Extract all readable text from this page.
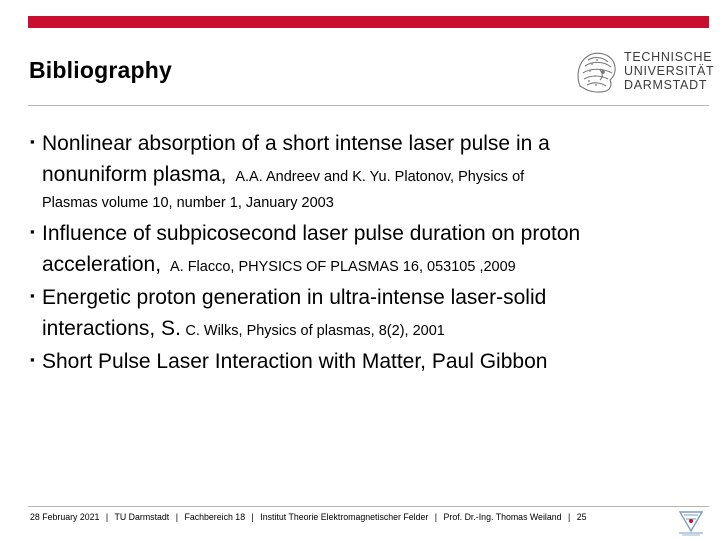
Bibliography	TECHNISCHE
UNIVERSITÄT
DARMSTADT
▪ Nonlinear absorption of a short intense laser pulse in a
nonuniform plasma, A.A. Andreev and K. Yu. Platonov, Physics of
Plasmas volume 10, number 1, January 2003
▪ Influence of subpicosecond laser pulse duration on proton
acceleration, A. Flacco, PHYSICS OF PLASMAS 16, 053105 ,2009
▪ Energetic proton generation in ultra-intense laser-solid
interactions, S. C. Wilks, Physics of plasmas, 8(2), 2001
▪ Short Pulse Laser Interaction with Matter, Paul Gibbon
28 February 2021 | TU Darmstadt | Fachbereich 18 | Institut Theorie Elektromagnetischer Felder | Prof. Dr.-Ing. Thomas Weiland | 25
